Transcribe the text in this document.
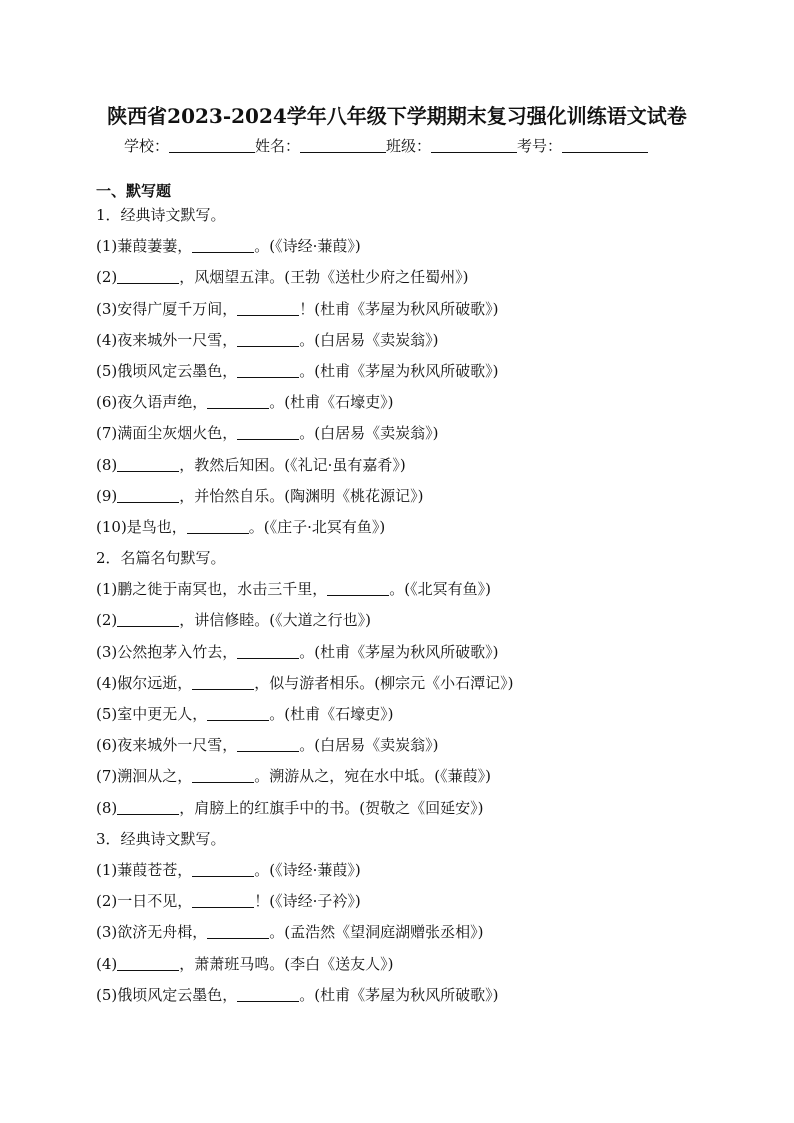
陕西省2023-2024学年八年级下学期期末复习强化训练语文试卷
学校：	姓名：	班级：	考号：
一、默写题
1．经典诗文默写。
(1)蒹葭萋萋，	。(《诗经·蒹葭》)
(2)	，风烟望五津。(王勃《送杜少府之任蜀州》)
(3)安得广厦千万间，	！(杜甫《茅屋为秋风所破歌》)
(4)夜来城外一尺雪，	。(白居易《卖炭翁》)
(5)俄顷风定云墨色，	。(杜甫《茅屋为秋风所破歌》)
(6)夜久语声绝，	。(杜甫《石壕吏》)
(7)满面尘灰烟火色，	。(白居易《卖炭翁》)
(8)	，教然后知困。(《礼记·虽有嘉肴》)
(9)	，并怡然自乐。(陶渊明《桃花源记》)
(10)是鸟也，	。(《庄子·北冥有鱼》)
2．名篇名句默写。
(1)鹏之徙于南冥也，水击三千里，	。(《北冥有鱼》)
(2)	，讲信修睦。(《大道之行也》)
(3)公然抱茅入竹去，	。(杜甫《茅屋为秋风所破歌》)
(4)俶尔远逝，	，似与游者相乐。(柳宗元《小石潭记》)
(5)室中更无人，	。(杜甫《石壕吏》)
(6)夜来城外一尺雪，	。(白居易《卖炭翁》)
(7)溯洄从之，	。溯游从之，宛在水中坻。(《蒹葭》)
(8)	，肩膀上的红旗手中的书。(贺敬之《回延安》)
3．经典诗文默写。
(1)蒹葭苍苍，	。(《诗经·蒹葭》)
(2)一日不见，	！(《诗经·子衿》)
(3)欲济无舟楫，	。(孟浩然《望洞庭湖赠张丞相》)
(4)	，萧萧班马鸣。(李白《送友人》)
(5)俄顷风定云墨色，	。(杜甫《茅屋为秋风所破歌》)
